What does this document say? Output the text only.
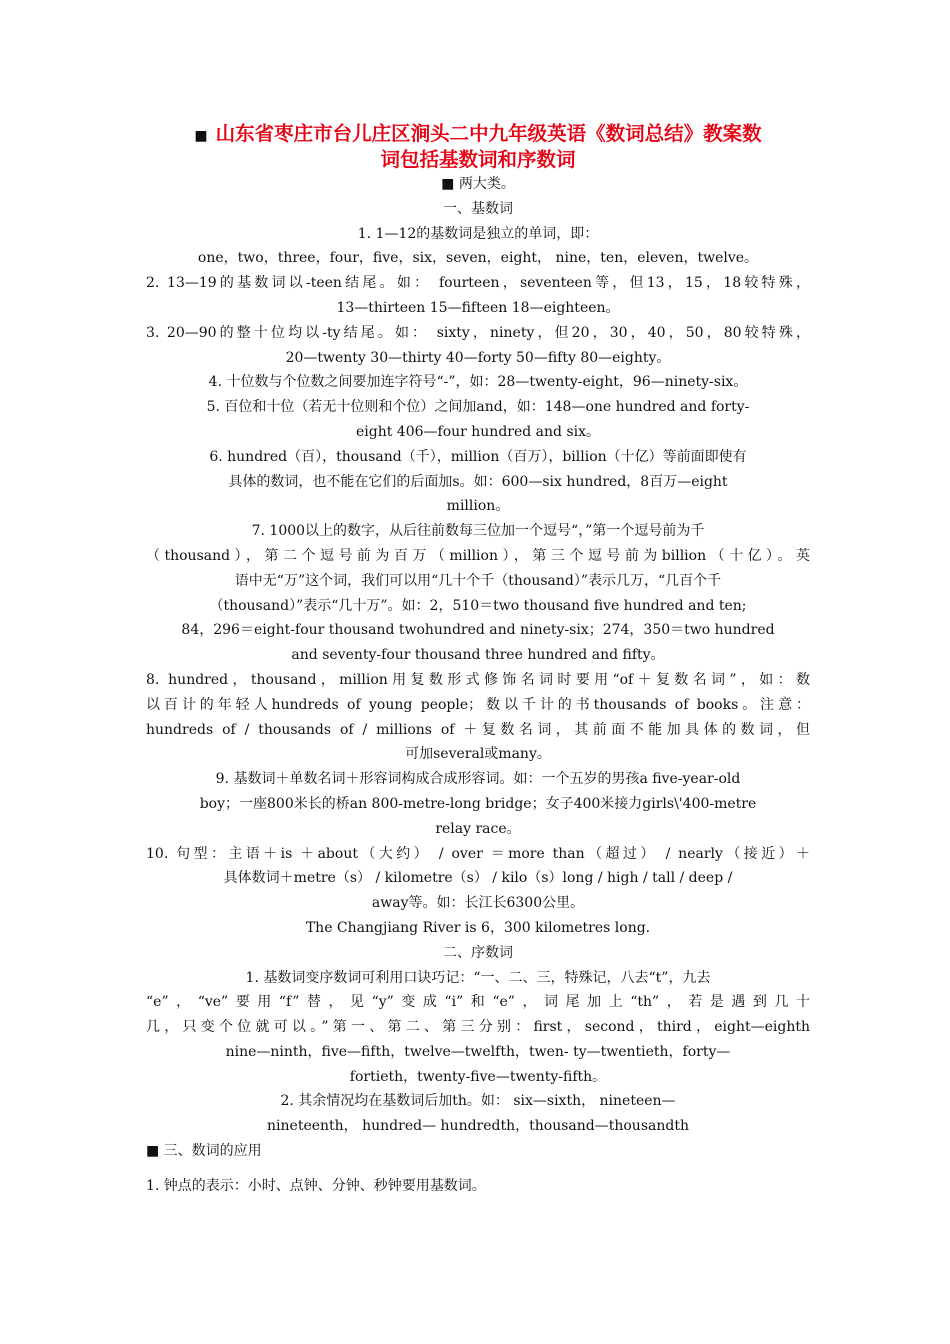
■ 山东省枣庄市台儿庄区涧头二中九年级英语《数词总结》教案数
词包括基数词和序数词
■ 两大类。
一、基数词
1. 1—12的基数词是独立的单词，即：
one，two，three，four，five，six，seven，eight， nine，ten，eleven，twelve。
2. 13—19的基数词以-teen结尾。如： fourteen，seventeen等，但13，15，18较特殊，
13—thirteen 15—fifteen 18—eighteen。
3. 20—90的整十位均以-ty结尾。如： sixty，ninety，但20，30，40，50，80较特殊，
20—twenty 30—thirty 40—forty 50—fifty 80—eighty。
4. 十位数与个位数之间要加连字符号“-”，如：28—twenty-eight，96—ninety-six。
5. 百位和十位（若无十位则和个位）之间加and，如：148—one hundred and forty-
eight 406—four hundred and six。
6. hundred（百），thousand（千），million（百万），billion（十亿）等前面即使有
具体的数词，也不能在它们的后面加s。如：600—six hundred，8百万—eight
million。
7. 1000以上的数字，从后往前数每三位加一个逗号“，”第一个逗号前为千
（thousand），第二个逗号前为百万（million），第三个逗号前为billion（十亿）。英
语中无“万”这个词，我们可以用“几十个千（thousand）”表示几万，“几百个千
（thousand）”表示“几十万”。如：2，510＝two thousand five hundred and ten;
84，296＝eight-four thousand twohundred and ninety-six；274，350＝two hundred
and seventy-four thousand three hundred and fifty。
8. hundred，thousand，million用复数形式修饰名词时要用“of＋复数名词”，如：数
以百计的年轻人hundreds of young people；数以千计的书thousands of books。注意：
hundreds of / thousands of / millions of ＋复数名词，其前面不能加具体的数词，但
可加several或many。
9. 基数词＋单数名词＋形容词构成合成形容词。如：一个五岁的男孩a five-year-old
boy；一座800米长的桥an 800-metre-long bridge；女子400米接力girls\'400-metre
relay race。
10. 句型：主语＋is ＋about（大约） / over ＝more than（超过） / nearly（接近）＋
具体数词＋metre（s） / kilometre（s） / kilo（s）long / high / tall / deep /
away等。如：长江长6300公里。
The Changjiang River is 6，300 kilometres long.
二、序数词
1. 基数词变序数词可利用口诀巧记：“一、二、三，特殊记，八去“t”，九去
“e”，“ve”要用“f”替，见“y”变成“i”和“e”，词尾加上“th”，若是遇到几十
几，只变个位就可以。”第一、第二、第三分别：first，second，third，eight—eighth
nine—ninth，five—fifth，twelve—twelfth，twen- ty—twentieth，forty—
fortieth，twenty-five—twenty-fifth。
2. 其余情况均在基数词后加th。如： six—sixth， nineteen—
nineteenth， hundred— hundredth，thousand—thousandth
■ 三、数词的应用
1. 钟点的表示：小时、点钟、分钟、秒钟要用基数词。
